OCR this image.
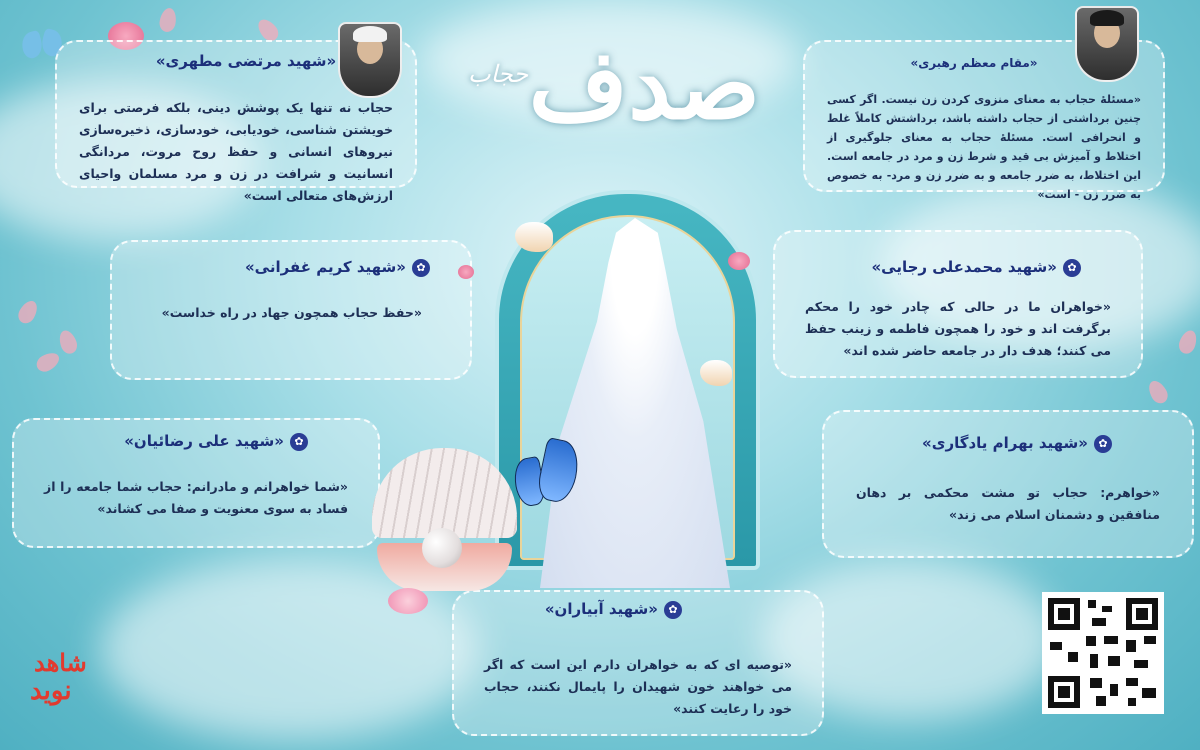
صدف
حجاب
«شهید مرتضی مطهری»
حجاب نه تنها یک پوشش دینی، بلکه فرصتی برای خویشتن شناسی، خودیابی، خودسازی، ذخیره‌سازی نیروهای انسانی و حفظ روح مروت، مردانگی انسانیت و شرافت در زن و مرد مسلمان واحیای ارزش‌های متعالی است»
«مقام معظم رهبری»
«مسئلهٔ حجاب به معنای منزوی کردن زن نیست. اگر کسی چنین برداشتی از حجاب داشته باشد، برداشتش کاملاً غلط و انحرافی است. مسئلهٔ حجاب به معنای جلوگیری از اختلاط و آمیزش بی قید و شرط زن و مرد در جامعه است. این اختلاط، به ضرر جامعه و به ضرر زن و مرد- به خصوص به ضرر زن - است»
✿«شهید کریم غفرانی»
«حفظ حجاب همچون جهاد در راه خداست»
✿«شهید محمدعلی رجایی»
«خواهران ما در حالی که چادر خود را محکم برگرفت اند و خود را همچون فاطمه و زینب حفظ می کنند؛ هدف دار در جامعه حاضر شده اند»
✿«شهید علی رضائیان»
«شما خواهرانم و مادرانم: حجاب شما جامعه را از فساد به سوی معنویت و صفا می کشاند»
✿«شهید بهرام یادگاری»
«خواهرم: حجاب تو مشت محکمی بر دهان منافقین و دشمنان اسلام می زند»
✿«شهید آبیاران»
«توصیه ای که به خواهران دارم این است که اگر می خواهند خون شهیدان را پایمال نکنند، حجاب خود را رعایت کنند»
شاهد
نوید
